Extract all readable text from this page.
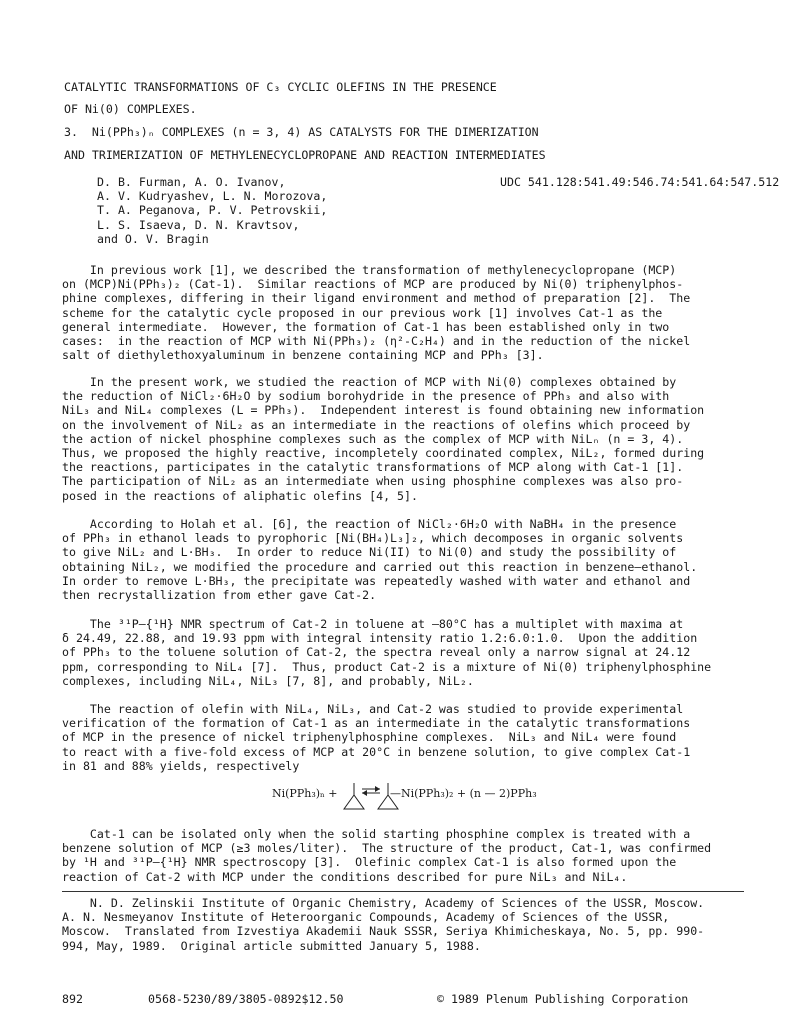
CATALYTIC TRANSFORMATIONS OF C₃ CYCLIC OLEFINS IN THE PRESENCE
OF Ni(0) COMPLEXES.
3.  Ni(PPh₃)ₙ COMPLEXES (n = 3, 4) AS CATALYSTS FOR THE DIMERIZATION
AND TRIMERIZATION OF METHYLENECYCLOPROPANE AND REACTION INTERMEDIATES
D. B. Furman, A. O. Ivanov,
A. V. Kudryashev, L. N. Morozova,
T. A. Peganova, P. V. Petrovskii,
L. S. Isaeva, D. N. Kravtsov,
and O. V. Bragin
UDC 541.128:541.49:546.74:541.64:547.512
In previous work [1], we described the transformation of methylenecyclopropane (MCP)
on (MCP)Ni(PPh₃)₂ (Cat-1).  Similar reactions of MCP are produced by Ni(0) triphenylphos-
phine complexes, differing in their ligand environment and method of preparation [2].  The
scheme for the catalytic cycle proposed in our previous work [1] involves Cat-1 as the
general intermediate.  However, the formation of Cat-1 has been established only in two
cases:  in the reaction of MCP with Ni(PPh₃)₂ (η²-C₂H₄) and in the reduction of the nickel
salt of diethylethoxyaluminum in benzene containing MCP and PPh₃ [3].
In the present work, we studied the reaction of MCP with Ni(0) complexes obtained by
the reduction of NiCl₂·6H₂O by sodium borohydride in the presence of PPh₃ and also with
NiL₃ and NiL₄ complexes (L = PPh₃).  Independent interest is found obtaining new information
on the involvement of NiL₂ as an intermediate in the reactions of olefins which proceed by
the action of nickel phosphine complexes such as the complex of MCP with NiLₙ (n = 3, 4).
Thus, we proposed the highly reactive, incompletely coordinated complex, NiL₂, formed during
the reactions, participates in the catalytic transformations of MCP along with Cat-1 [1].
The participation of NiL₂ as an intermediate when using phosphine complexes was also pro-
posed in the reactions of aliphatic olefins [4, 5].
According to Holah et al. [6], the reaction of NiCl₂·6H₂O with NaBH₄ in the presence
of PPh₃ in ethanol leads to pyrophoric [Ni(BH₄)L₃]₂, which decomposes in organic solvents
to give NiL₂ and L·BH₃.  In order to reduce Ni(II) to Ni(0) and study the possibility of
obtaining NiL₂, we modified the procedure and carried out this reaction in benzene—ethanol.
In order to remove L·BH₃, the precipitate was repeatedly washed with water and ethanol and
then recrystallization from ether gave Cat-2.
The ³¹P—{¹H} NMR spectrum of Cat-2 in toluene at —80°C has a multiplet with maxima at
δ 24.49, 22.88, and 19.93 ppm with integral intensity ratio 1.2:6.0:1.0.  Upon the addition
of PPh₃ to the toluene solution of Cat-2, the spectra reveal only a narrow signal at 24.12
ppm, corresponding to NiL₄ [7].  Thus, product Cat-2 is a mixture of Ni(0) triphenylphosphine
complexes, including NiL₄, NiL₃ [7, 8], and probably, NiL₂.
The reaction of olefin with NiL₄, NiL₃, and Cat-2 was studied to provide experimental
verification of the formation of Cat-1 as an intermediate in the catalytic transformations
of MCP in the presence of nickel triphenylphosphine complexes.  NiL₃ and NiL₄ were found
to react with a five-fold excess of MCP at 20°C in benzene solution, to give complex Cat-1
in 81 and 88% yields, respectively
Ni(PPh₃)ₙ +	—Ni(PPh₃)₂ + (n — 2)PPh₃
Cat-1 can be isolated only when the solid starting phosphine complex is treated with a
benzene solution of MCP (≥3 moles/liter).  The structure of the product, Cat-1, was confirmed
by ¹H and ³¹P—{¹H} NMR spectroscopy [3].  Olefinic complex Cat-1 is also formed upon the
reaction of Cat-2 with MCP under the conditions described for pure NiL₃ and NiL₄.
N. D. Zelinskii Institute of Organic Chemistry, Academy of Sciences of the USSR, Moscow.
A. N. Nesmeyanov Institute of Heteroorganic Compounds, Academy of Sciences of the USSR,
Moscow.  Translated from Izvestiya Akademii Nauk SSSR, Seriya Khimicheskaya, No. 5, pp. 990-
994, May, 1989.  Original article submitted January 5, 1988.
892	0568-5230/89/3805-0892$12.50	© 1989 Plenum Publishing Corporation
